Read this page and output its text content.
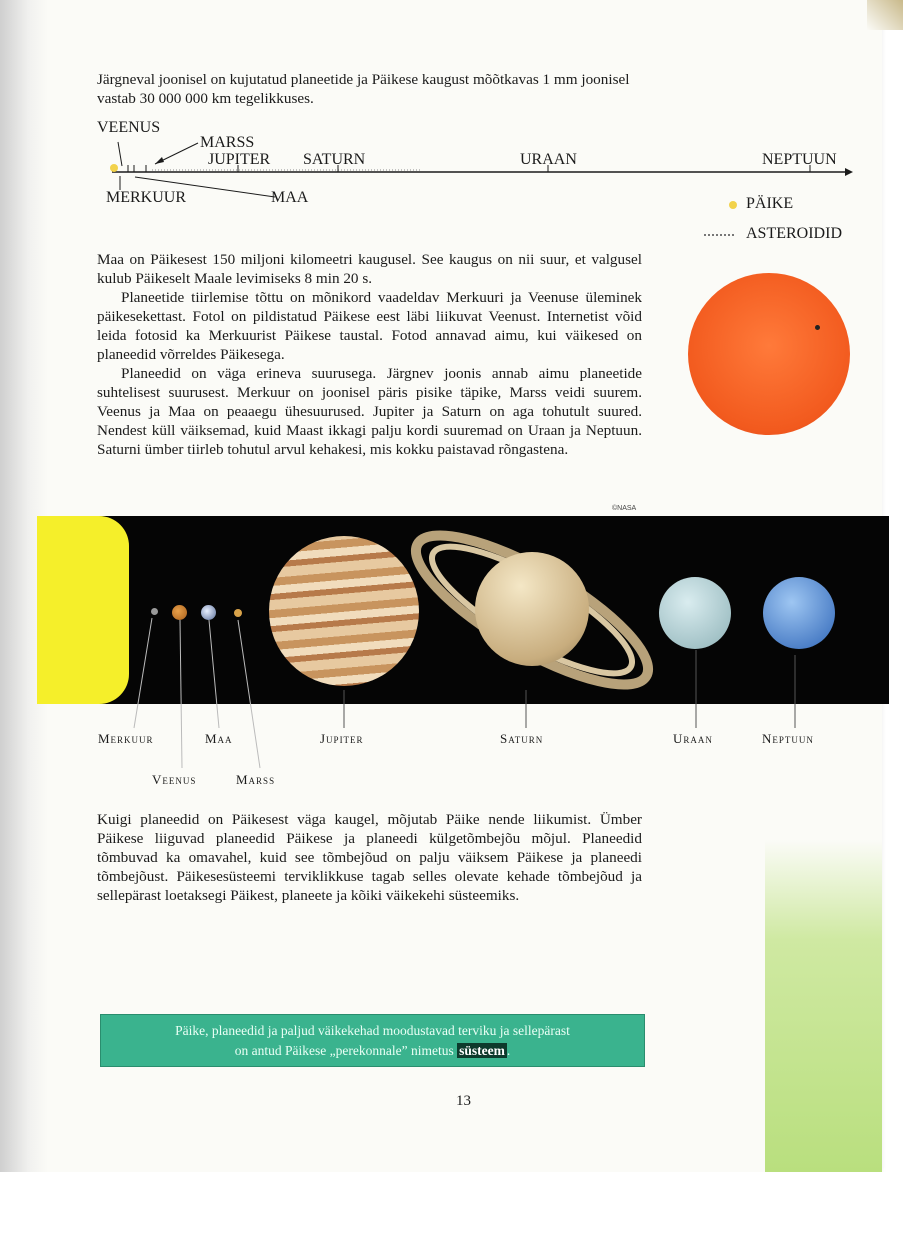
Järgneval joonisel on kujutatud planeetide ja Päikese kaugust mõõtkavas 1 mm joonisel vastab 30 000 000 km tegelikkuses.
VEENUS
MARSS
JUPITER SATURN	URAAN	NEPTUUN
MERKUUR	MAA	PÄIKE
ASTEROIDID

Maa on Päikesest 150 miljoni kilomeetri kaugusel. See kaugus on nii suur, et valgusel kulub Päikeselt Maale levimiseks 8 min 20 s.

Planeetide tiirlemise tõttu on mõnikord vaadeldav Merkuuri ja Veenuse üleminek päikesekettast. Fotol on pildistatud Päikese eest läbi liikuvat Veenust. Internetist võid leida fotosid ka Merkuurist Päikese taustal. Fotod annavad aimu, kui väikesed on planeedid võrreldes Päikesega.

Planeedid on väga erineva suurusega. Järgnev joonis annab aimu planeetide suhtelisest suurusest. Merkuur on joonisel päris pisike täpike, Marss veidi suurem. Veenus ja Maa on peaaegu ühesuurused. Jupiter ja Saturn on aga tohutult suured. Nendest küll väiksemad, kuid Maast ikkagi palju kordi suuremad on Uraan ja Neptuun. Saturni ümber tiirleb tohutul arvul kehakesi, mis kokku paistavad rõngastena.

©NASA
Merkuur	Maa	Jupiter	Saturn	Uraan	Neptuun
Veenus	Marss
Kuigi planeedid on Päikesest väga kaugel, mõjutab Päike nende liikumist. Ümber Päikese liiguvad planeedid Päikese ja planeedi külgetõmbejõu mõjul. Planeedid tõmbuvad ka omavahel, kuid see tõmbejõud on palju väiksem Päikese ja planeedi tõmbejõust. Päikesesüsteemi terviklikkuse tagab selles olevate kehade tõmbejõud ja sellepärast loetaksegi Päikest, planeete ja kõiki väikekehi süsteemiks.
Päike, planeedid ja paljud väikekehad moodustavad terviku ja sellepärast
on antud Päikese „perekonnale” nimetus süsteem .
13
